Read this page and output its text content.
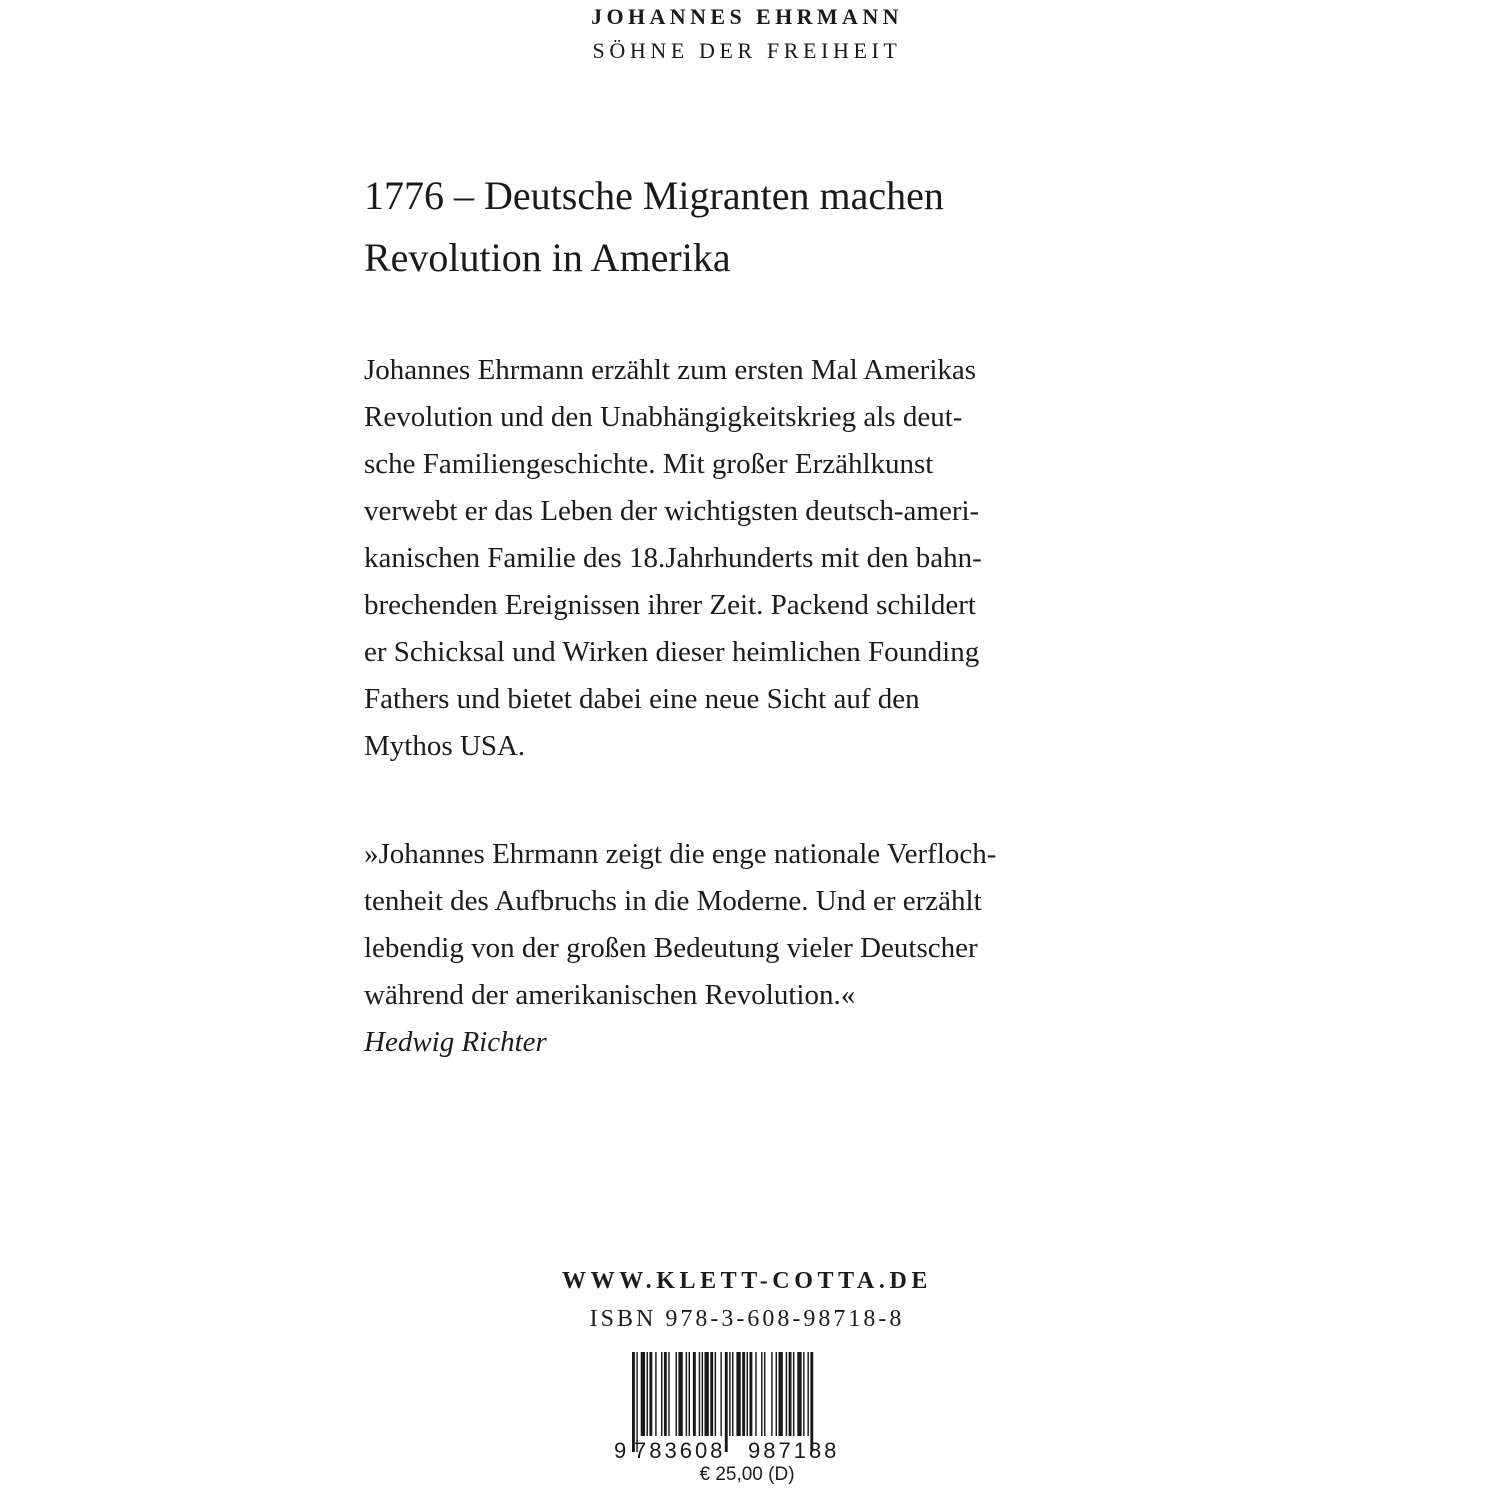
JOHANNES EHRMANN
SÖHNE DER FREIHEIT
1776 – Deutsche Migranten machen
Revolution in Amerika
Johannes Ehrmann erzählt zum ersten Mal Amerikas
Revolution und den Unabhängigkeitskrieg als deut-
sche Familiengeschichte. Mit großer Erzählkunst
verwebt er das Leben der wichtigsten deutsch-ameri-
kanischen Familie des 18.Jahrhunderts mit den bahn-
brechenden Ereignissen ihrer Zeit. Packend schildert
er Schicksal und Wirken dieser heimlichen Founding
Fathers und bietet dabei eine neue Sicht auf den
Mythos USA.
»Johannes Ehrmann zeigt die enge nationale Verfloch-
tenheit des Aufbruchs in die Moderne. Und er erzählt
lebendig von der großen Bedeutung vieler Deutscher
während der amerikanischen Revolution.«
Hedwig Richter
WWW.KLETT-COTTA.DE
ISBN 978-3-608-98718-8
9 783608 987188
€ 25,00 (D)
